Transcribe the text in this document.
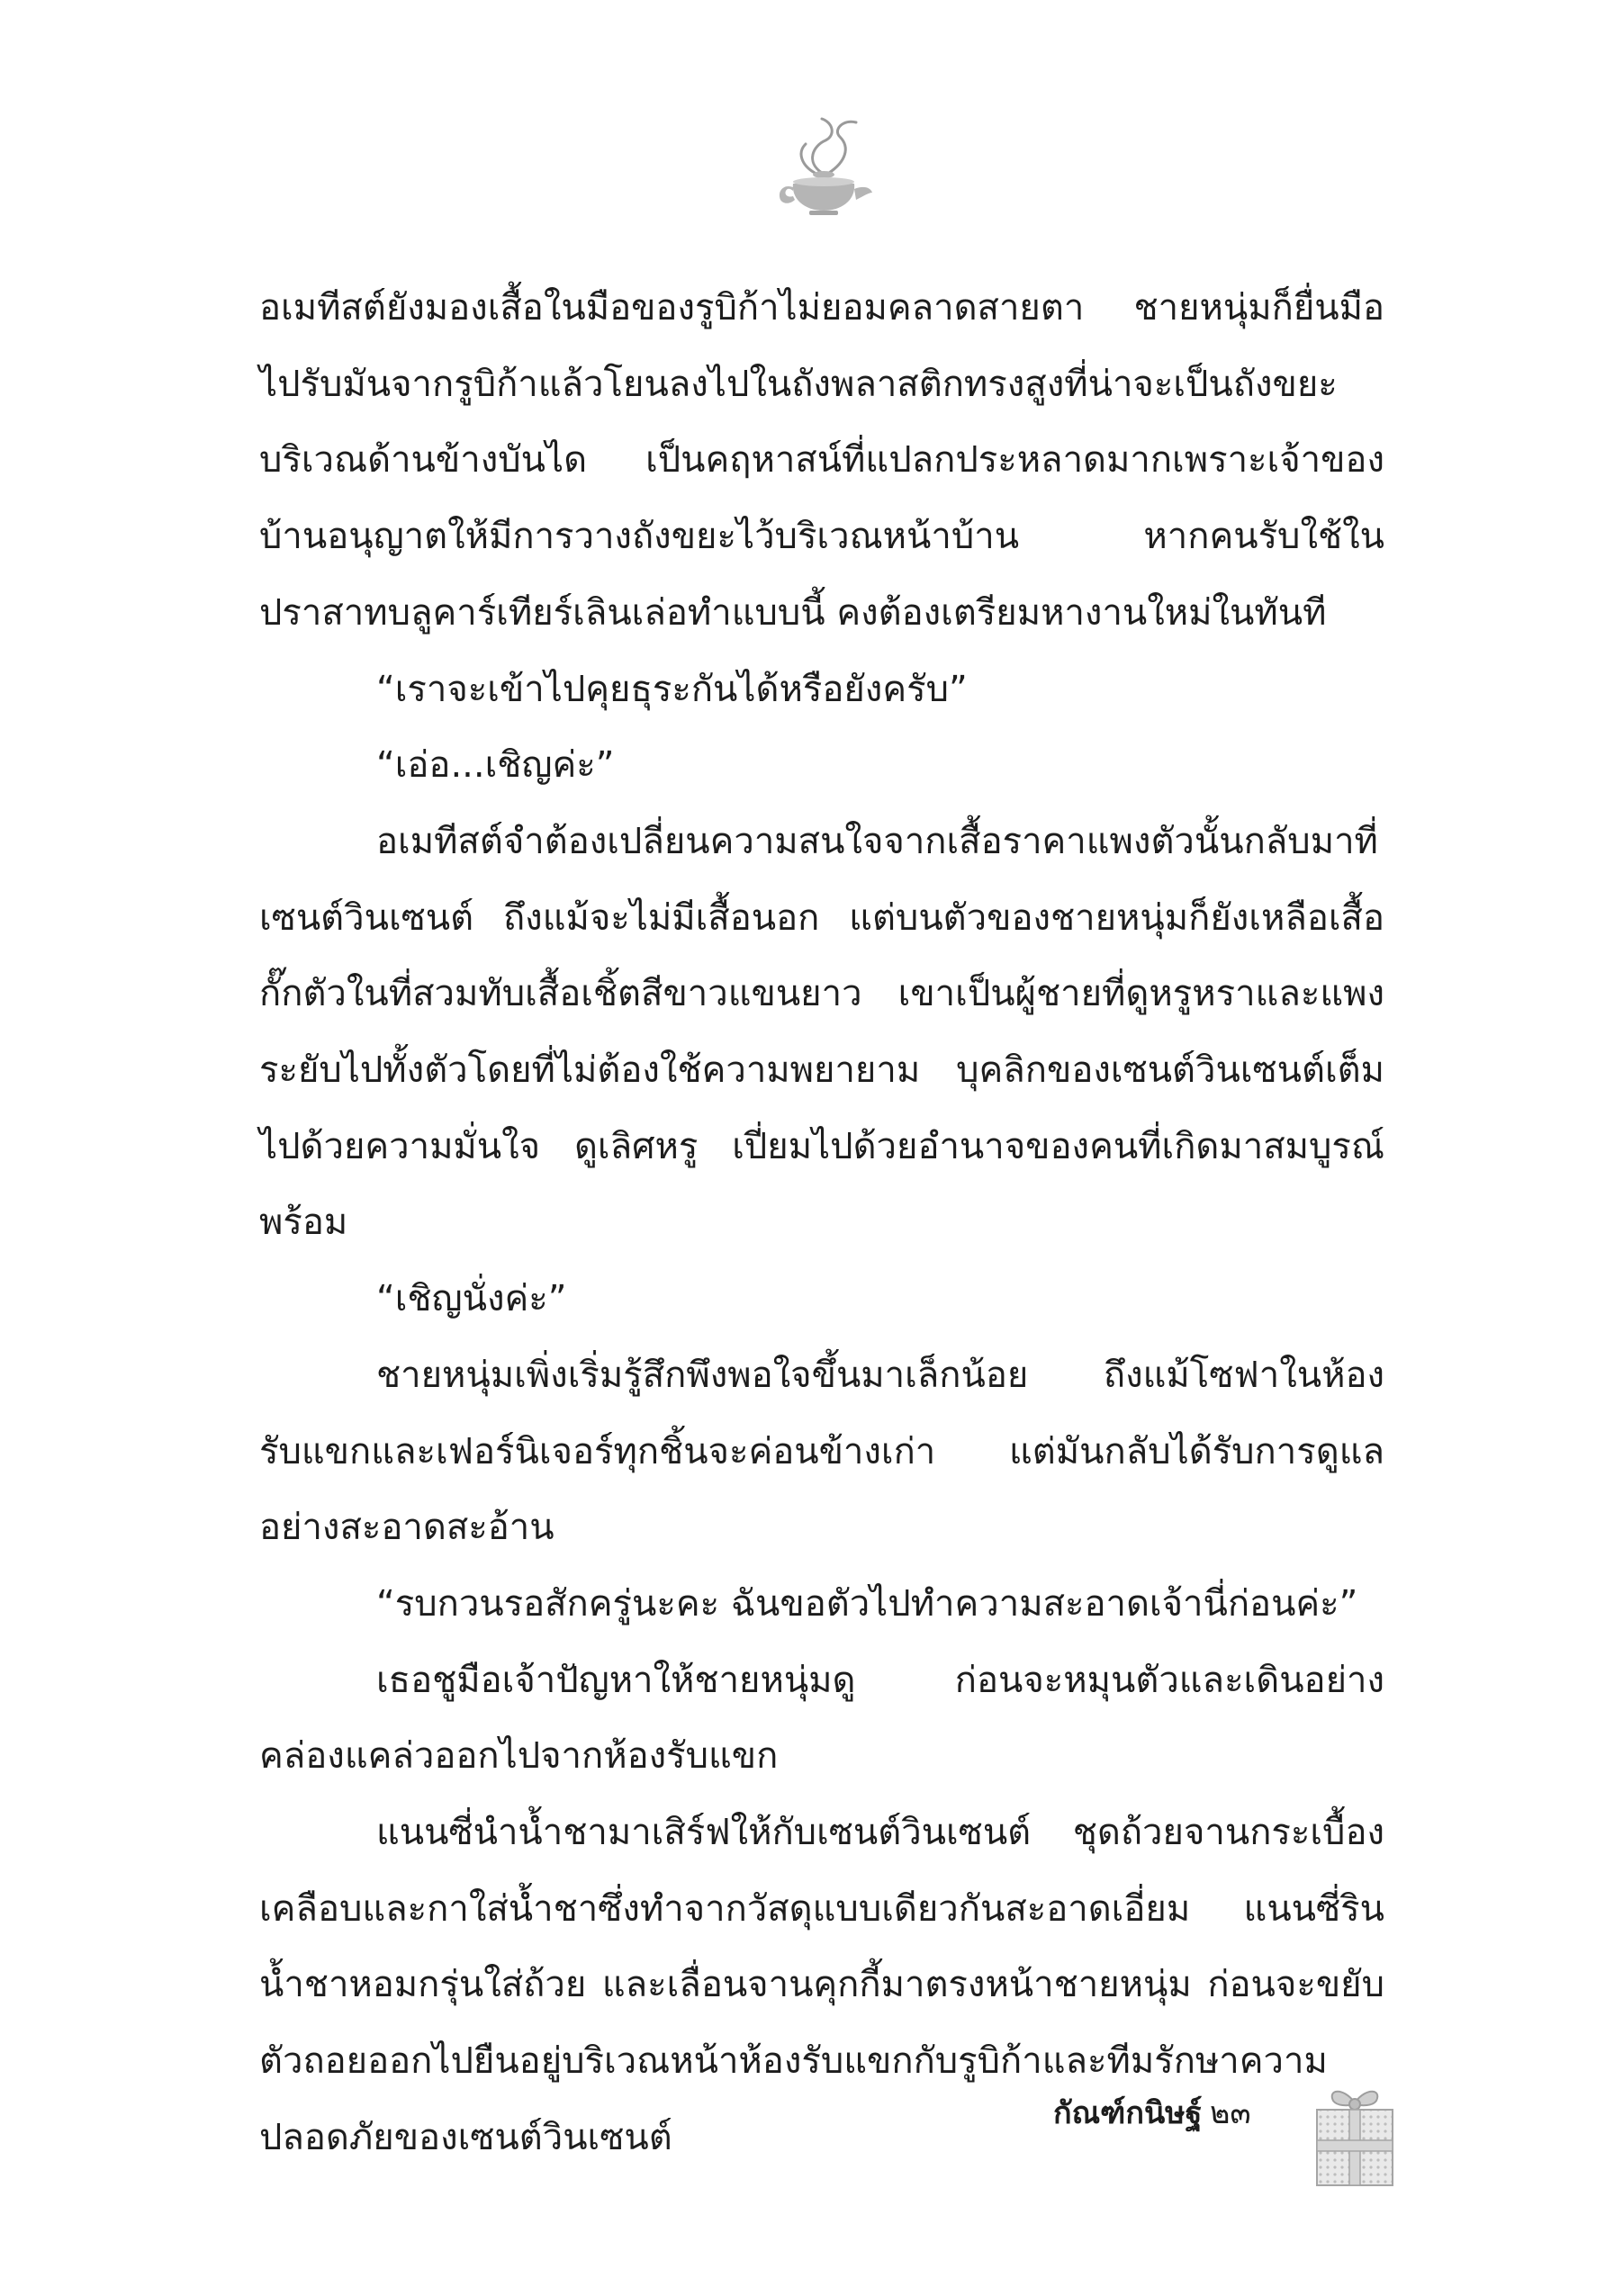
อเมทีสต์ยังมองเสื้อในมือของรูบิก้าไม่ยอมคลาดสายตา ชายหนุ่มก็ยื่นมือไปรับมันจากรูบิก้าแล้วโยนลงไปในถังพลาสติกทรงสูงที่น่าจะเป็นถังขยะบริเวณด้านข้างบันได เป็นคฤหาสน์ที่แปลกประหลาดมากเพราะเจ้าของบ้านอนุญาตให้มีการวางถังขยะไว้บริเวณหน้าบ้าน หากคนรับใช้ในปราสาทบลูคาร์เทียร์เลินเล่อทำแบบนี้ คงต้องเตรียมหางานใหม่ในทันที

“เราจะเข้าไปคุยธุระกันได้หรือยังครับ”

“เอ่อ...เชิญค่ะ”

อเมทีสต์จำต้องเปลี่ยนความสนใจจากเสื้อราคาแพงตัวนั้นกลับมาที่เซนต์วินเซนต์ ถึงแม้จะไม่มีเสื้อนอก แต่บนตัวของชายหนุ่มก็ยังเหลือเสื้อกั๊กตัวในที่สวมทับเสื้อเชิ้ตสีขาวแขนยาว เขาเป็นผู้ชายที่ดูหรูหราและแพงระยับไปทั้งตัวโดยที่ไม่ต้องใช้ความพยายาม บุคลิกของเซนต์วินเซนต์เต็มไปด้วยความมั่นใจ ดูเลิศหรู เปี่ยมไปด้วยอำนาจของคนที่เกิดมาสมบูรณ์พร้อม

“เชิญนั่งค่ะ”

ชายหนุ่มเพิ่งเริ่มรู้สึกพึงพอใจขึ้นมาเล็กน้อย ถึงแม้โซฟาในห้องรับแขกและเฟอร์นิเจอร์ทุกชิ้นจะค่อนข้างเก่า แต่มันกลับได้รับการดูแลอย่างสะอาดสะอ้าน

“รบกวนรอสักครู่นะคะ ฉันขอตัวไปทำความสะอาดเจ้านี่ก่อนค่ะ”

เธอชูมือเจ้าปัญหาให้ชายหนุ่มดู ก่อนจะหมุนตัวและเดินอย่างคล่องแคล่วออกไปจากห้องรับแขก

แนนซี่นำน้ำชามาเสิร์ฟให้กับเซนต์วินเซนต์ ชุดถ้วยจานกระเบื้องเคลือบและกาใส่น้ำชาซึ่งทำจากวัสดุแบบเดียวกันสะอาดเอี่ยม แนนซี่รินน้ำชาหอมกรุ่นใส่ถ้วย และเลื่อนจานคุกกี้มาตรงหน้าชายหนุ่ม ก่อนจะขยับตัวถอยออกไปยืนอยู่บริเวณหน้าห้องรับแขกกับรูบิก้าและทีมรักษาความปลอดภัยของเซนต์วินเซนต์

กัณฑ์กนิษฐ์ ๒๓
